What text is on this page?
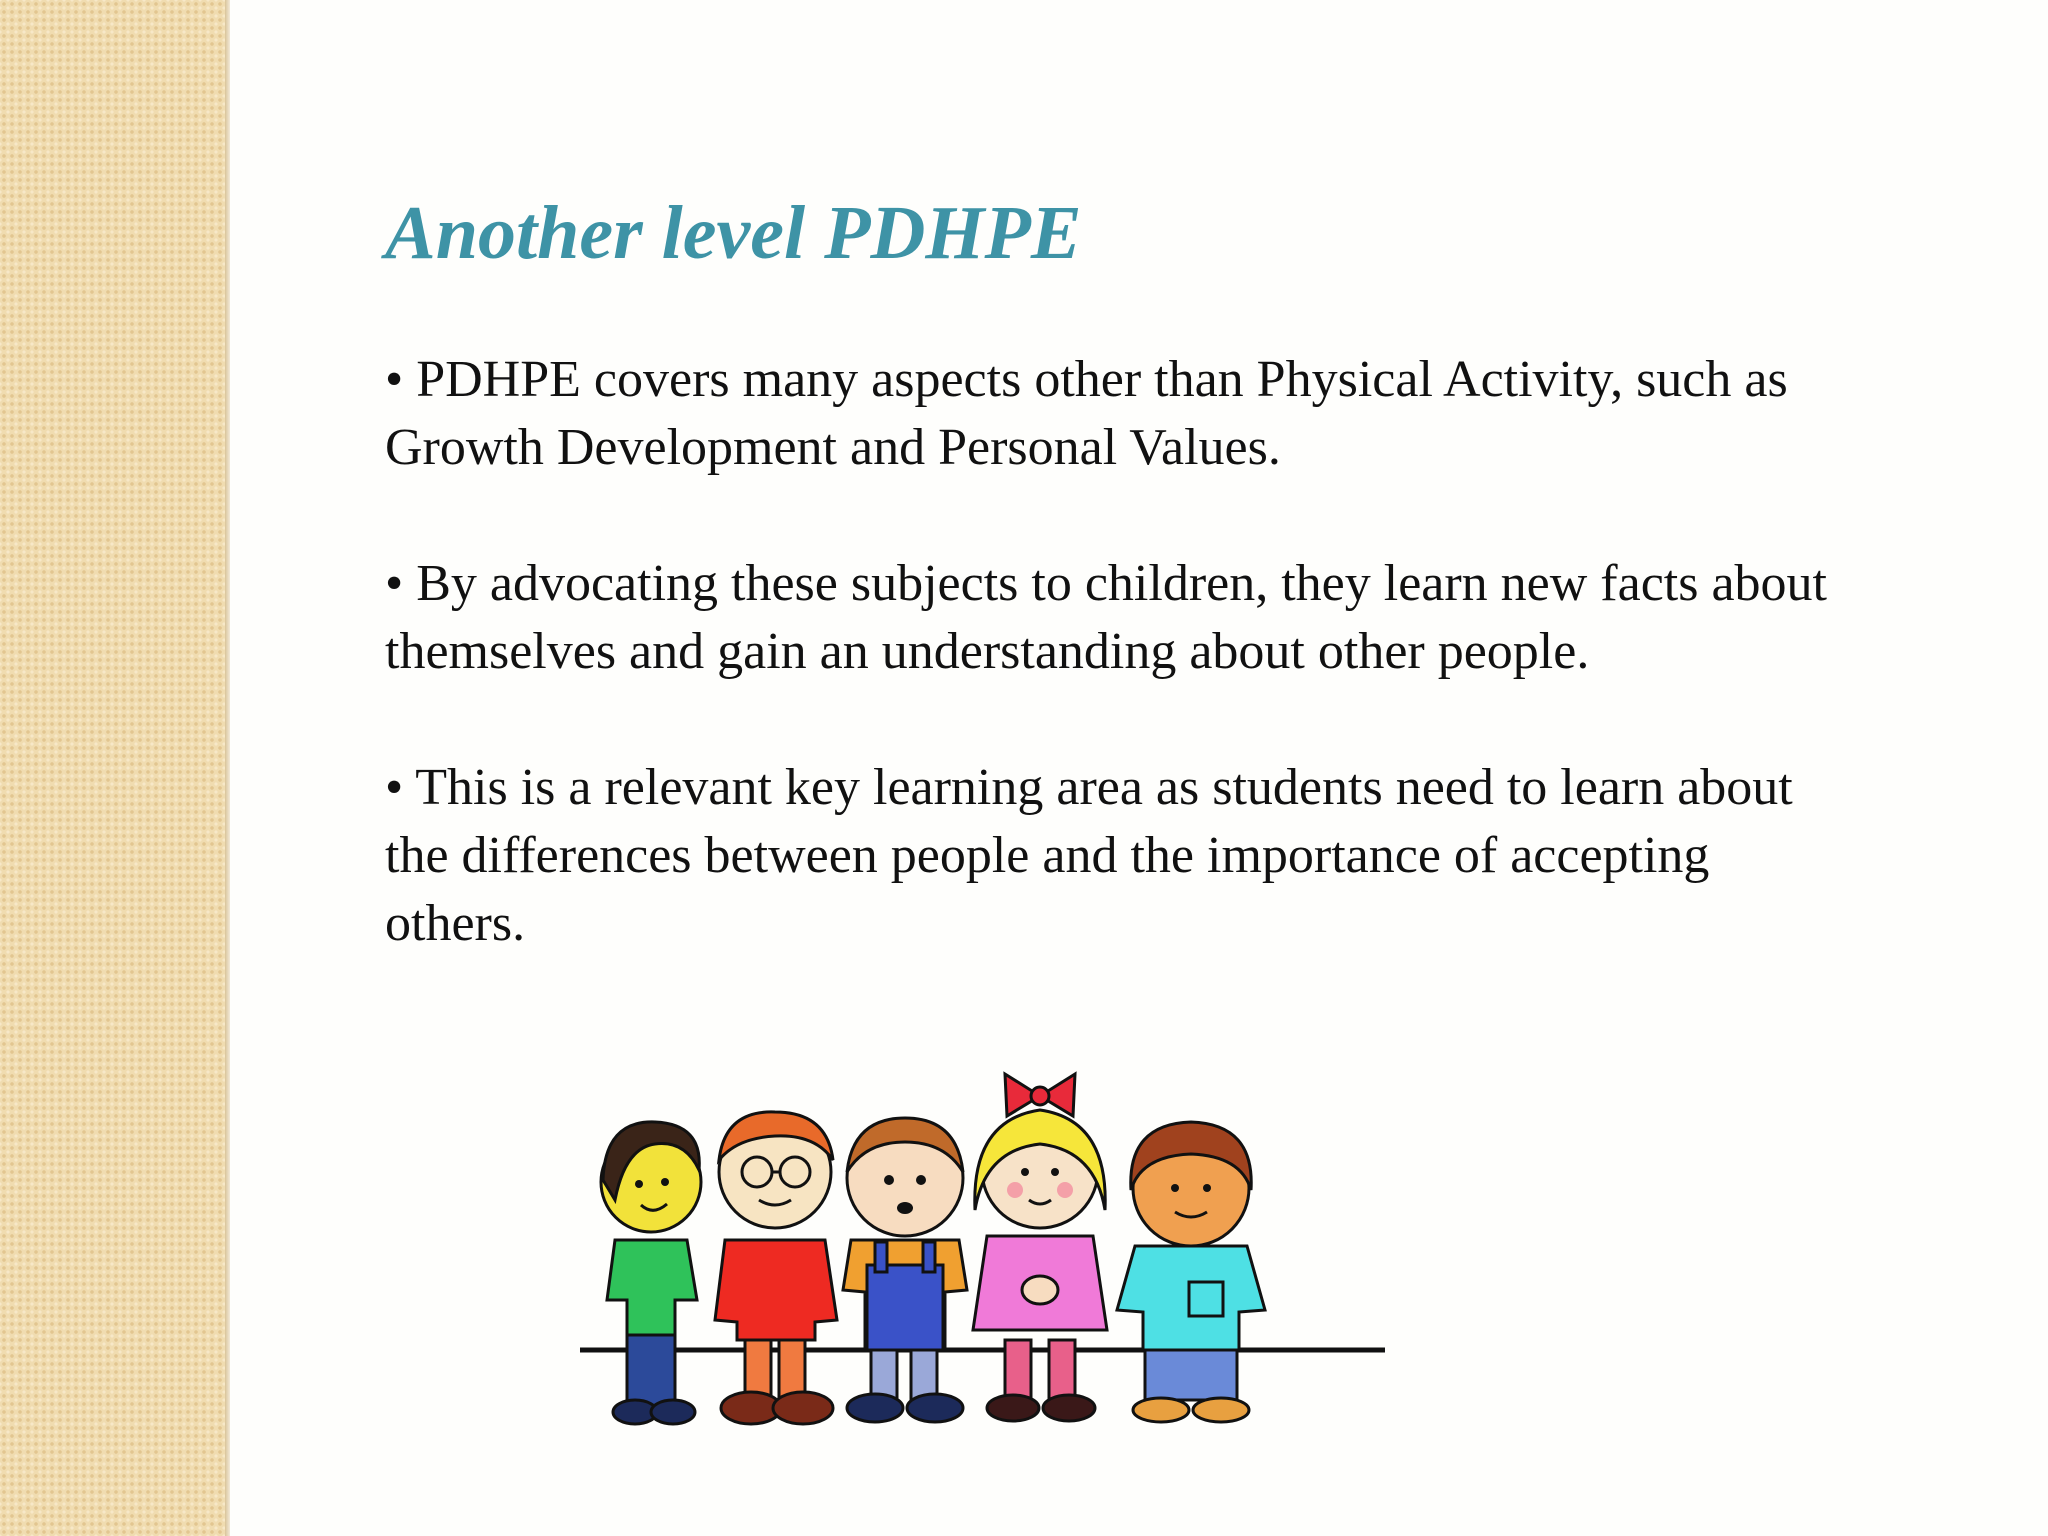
Another level PDHPE

• PDHPE covers many aspects other than Physical Activity, such as Growth Development and Personal Values.

• By advocating these subjects to children, they learn new facts about themselves and gain an understanding about other people.

• This is a relevant key learning area as students need to learn about the differences between people and the importance of accepting others.
